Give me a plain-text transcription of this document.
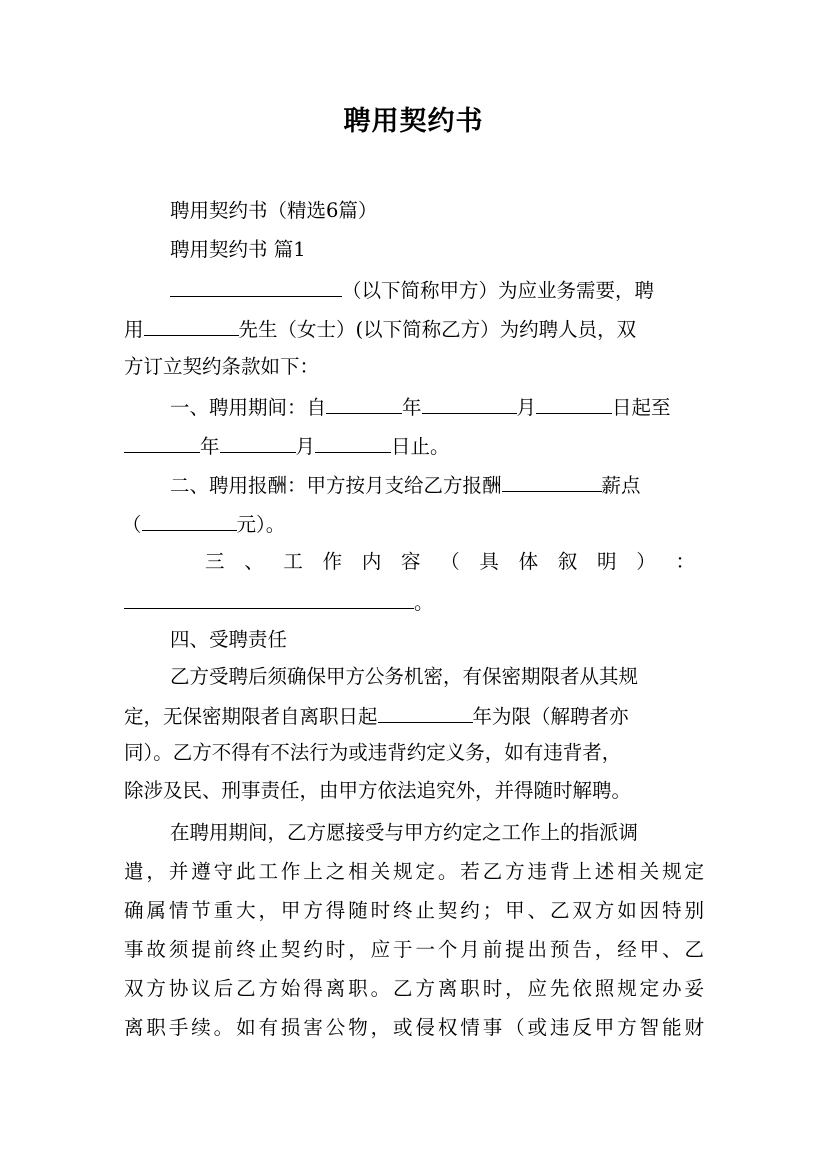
聘用契约书
聘用契约书（精选6篇）
聘用契约书 篇1
（以下简称甲方）为应业务需要，聘
用	先生（女士）(以下简称乙方）为约聘人员，双
方订立契约条款如下：
一、聘用期间：自	年	月	日起至
年	月	日止。
二、聘用报酬：甲方按月支给乙方报酬	薪点
（	元）。
三 、 工 作 内 容 （ 具 体 叙 明 ） ：
。
四、受聘责任
乙方受聘后须确保甲方公务机密，有保密期限者从其规
定，无保密期限者自离职日起	年为限（解聘者亦
同）。乙方不得有不法行为或违背约定义务，如有违背者，
除涉及民、刑事责任，由甲方依法追究外，并得随时解聘。
在聘用期间，乙方愿接受与甲方约定之工作上的指派调
遣，并遵守此工作上之相关规定。若乙方违背上述相关规定
确属情节重大，甲方得随时终止契约；甲、乙双方如因特别
事故须提前终止契约时，应于一个月前提出预告，经甲、乙
双方协议后乙方始得离职。乙方离职时，应先依照规定办妥
离职手续。如有损害公物，或侵权情事（或违反甲方智能财
